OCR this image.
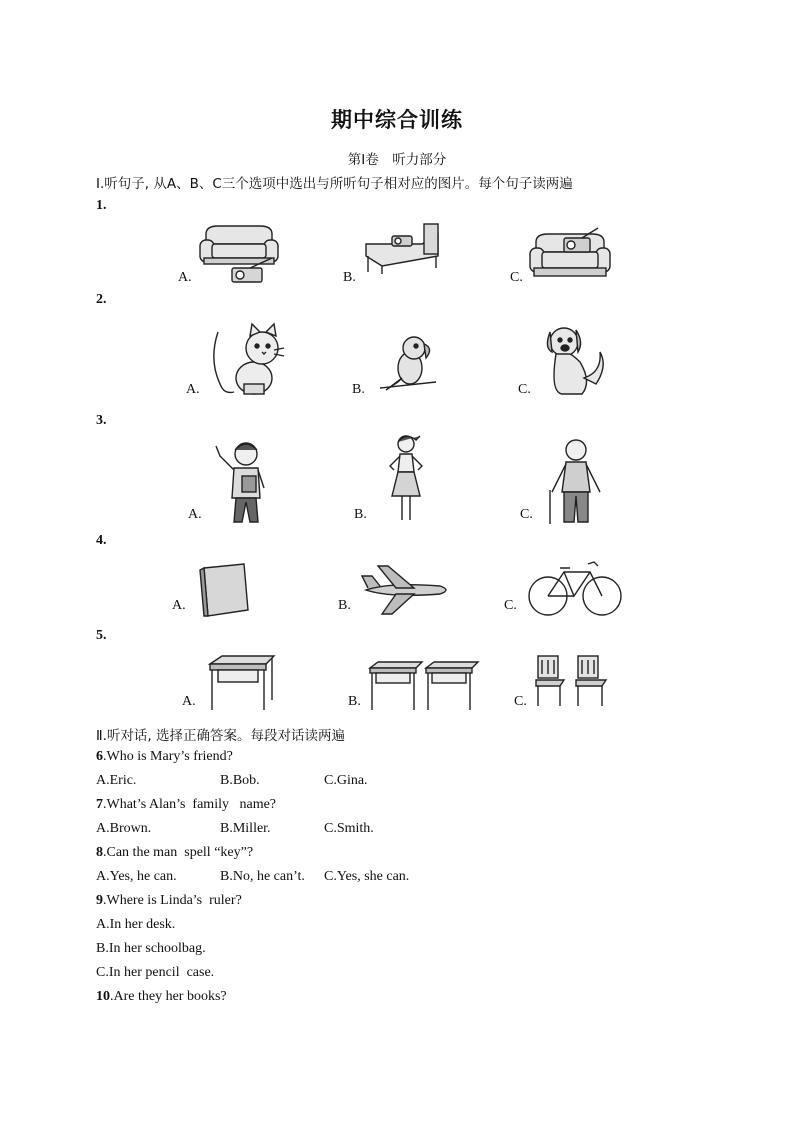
期中综合训练
第Ⅰ卷　听力部分
Ⅰ.听句子, 从A、B、C三个选项中选出与所听句子相对应的图片。每个句子读两遍
1.
A.	B.	C.
2.
A.	B.	C.
3.
A.	B.	C.
4.
A.	B.	C.
5.
A.	B.	C.
Ⅱ.听对话, 选择正确答案。每段对话读两遍
6.Who is Mary’s friend?
A.Eric.	B.Bob.	C.Gina.
7.What’s Alan’s  family   name?
A.Brown.	B.Miller.	C.Smith.
8.Can the man  spell “key”?
A.Yes, he can.	B.No, he can’t. C.Yes, she can.
9.Where is Linda’s  ruler?
A.In her desk.
B.In her schoolbag.
C.In her pencil  case.
10.Are they her books?
